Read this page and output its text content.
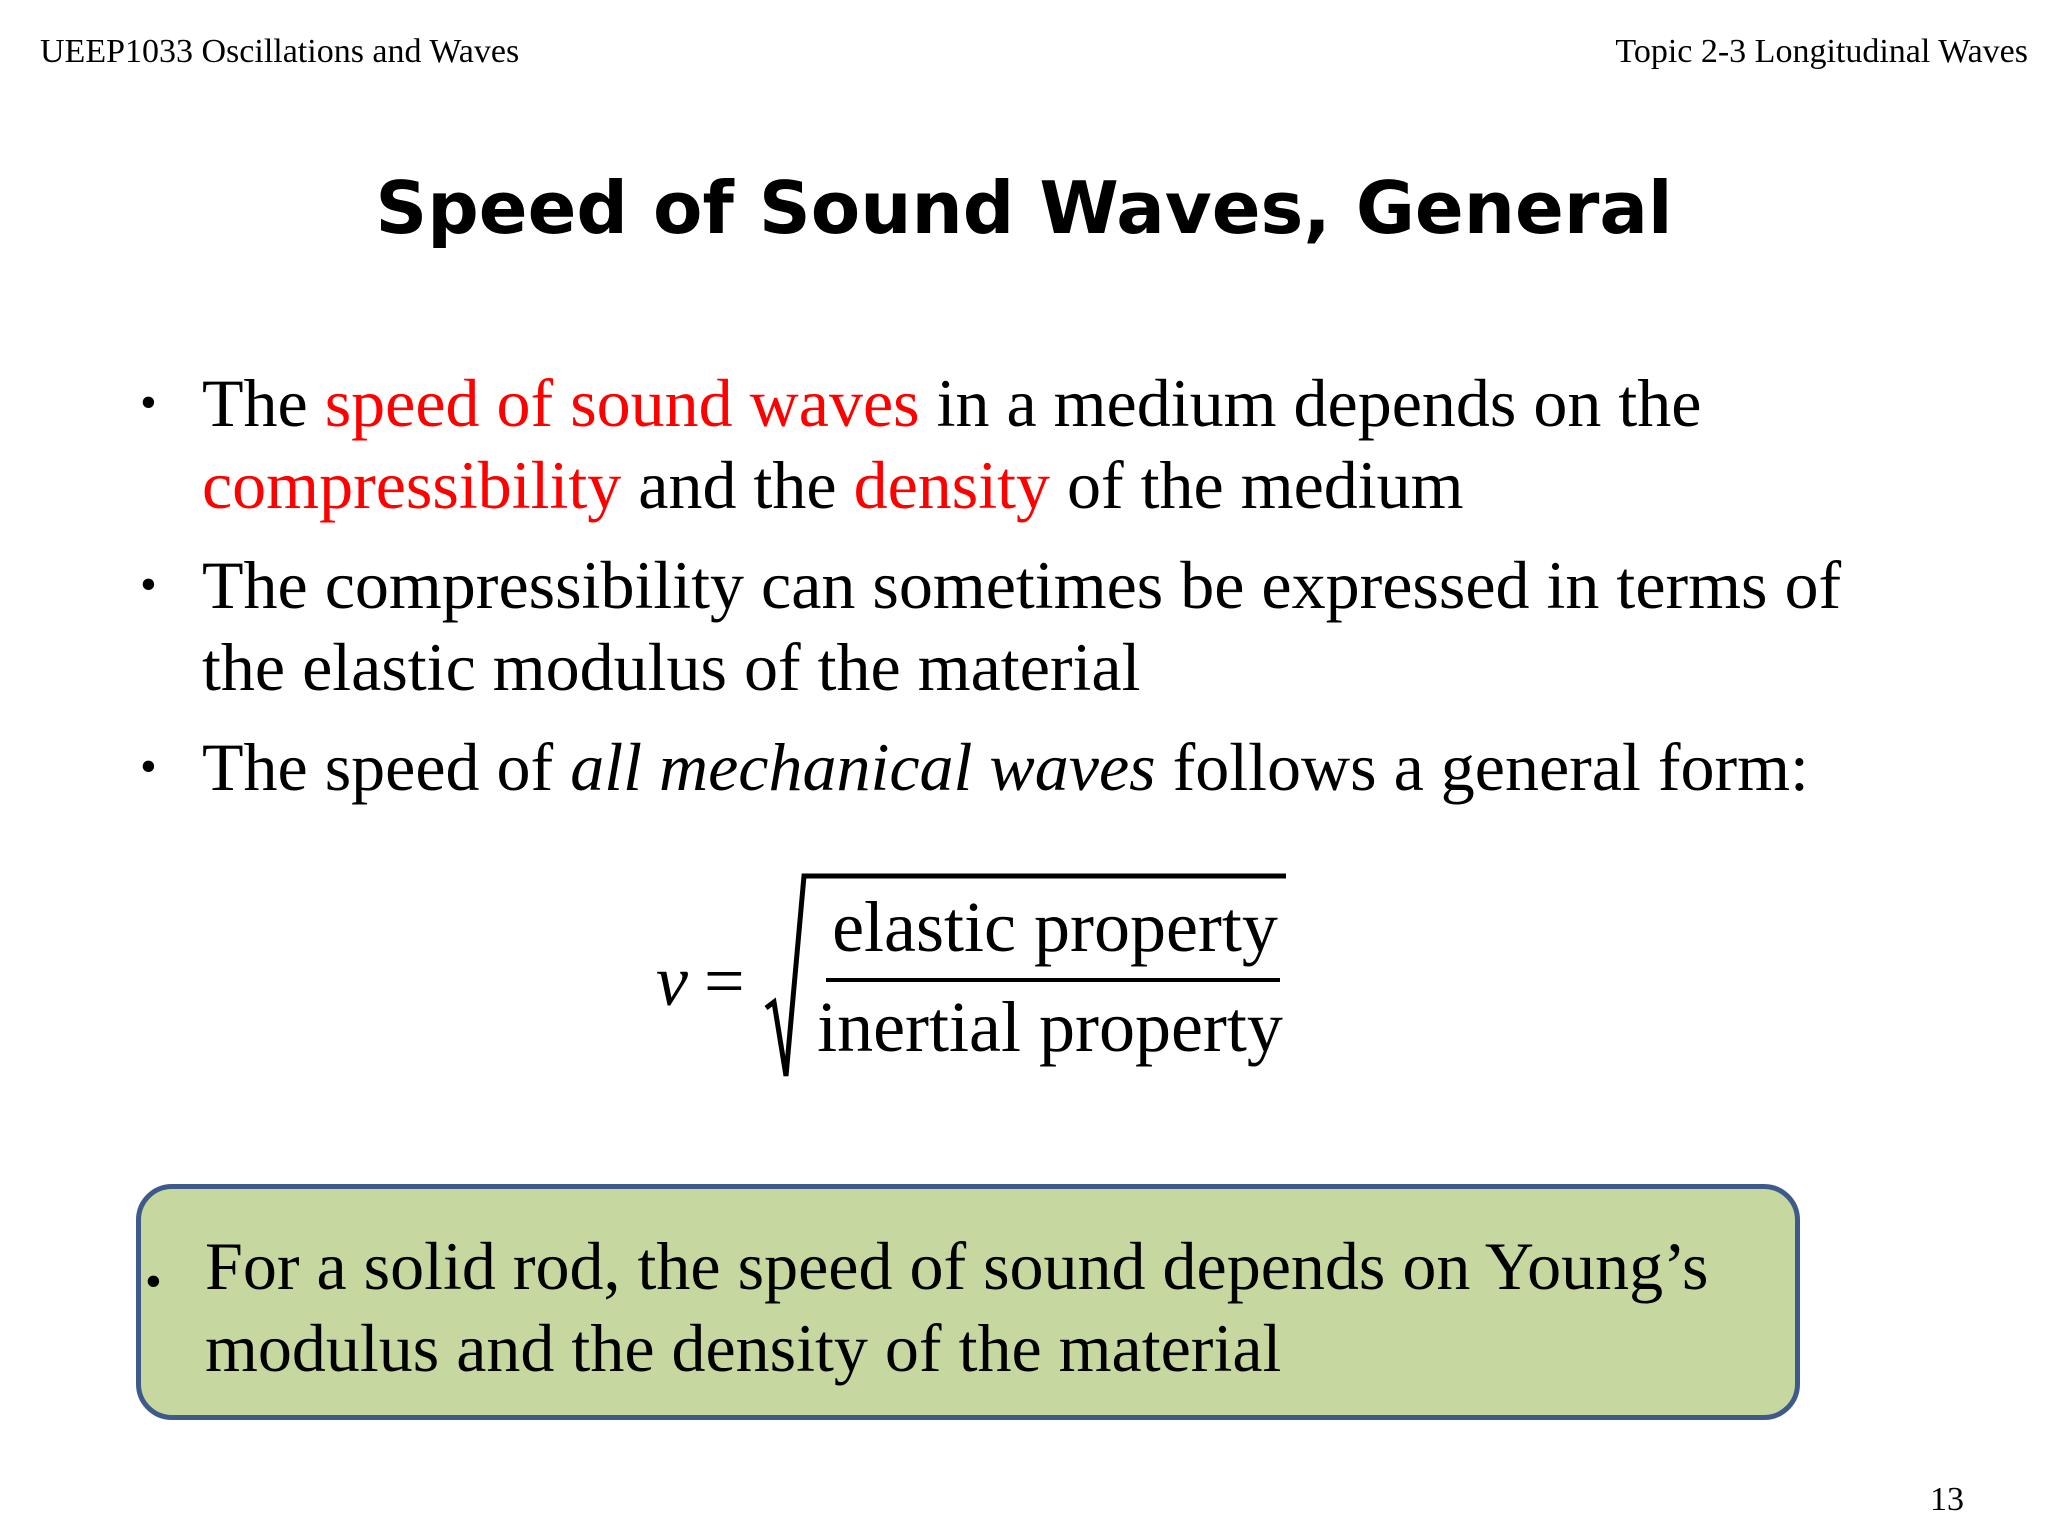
UEEP1033 Oscillations and Waves	Topic 2-3 Longitudinal Waves
Speed of Sound Waves, General
• The speed of sound waves in a medium depends on the compressibility and the density of the medium
• The compressibility can sometimes be expressed in terms of the elastic modulus of the material
• The speed of all mechanical waves follows a general form:
v =
elastic property
inertial property
• For a solid rod, the speed of sound depends on Young’s modulus and the density of the material
13
